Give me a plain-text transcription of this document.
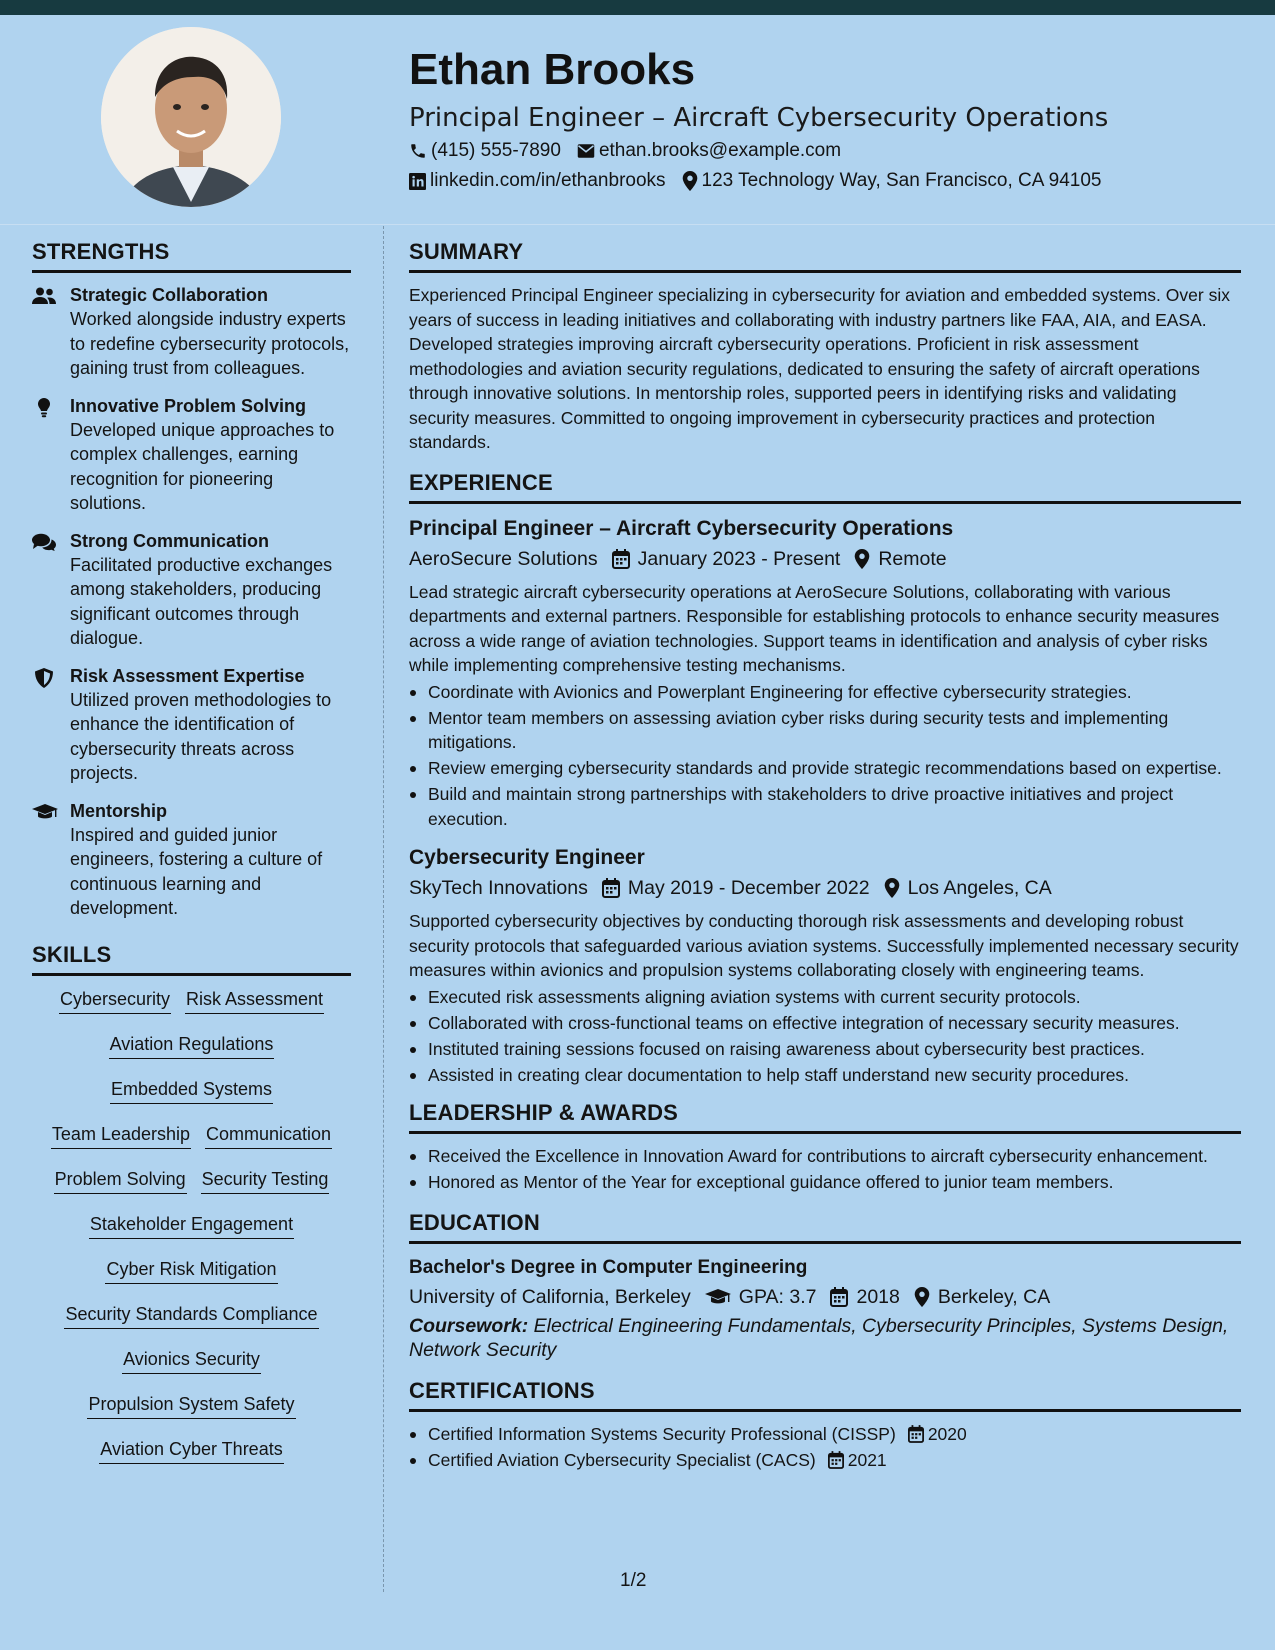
Ethan Brooks
Principal Engineer – Aircraft Cybersecurity Operations
(415) 555-7890 ethan.brooks@example.com
linkedin.com/in/ethanbrooks 123 Technology Way, San Francisco, CA 94105
STRENGTHS
Strategic Collaboration
Worked alongside industry experts to redefine cybersecurity protocols, gaining trust from colleagues.
Innovative Problem Solving
Developed unique approaches to complex challenges, earning recognition for pioneering solutions.
Strong Communication
Facilitated productive exchanges among stakeholders, producing significant outcomes through dialogue.
Risk Assessment Expertise
Utilized proven methodologies to enhance the identification of cybersecurity threats across projects.
Mentorship
Inspired and guided junior engineers, fostering a culture of continuous learning and development.
SKILLS
Cybersecurity Risk Assessment
Aviation Regulations
Embedded Systems
Team Leadership Communication
Problem Solving Security Testing
Stakeholder Engagement
Cyber Risk Mitigation
Security Standards Compliance
Avionics Security
Propulsion System Safety
Aviation Cyber Threats
SUMMARY
Experienced Principal Engineer specializing in cybersecurity for aviation and embedded systems. Over six years of success in leading initiatives and collaborating with industry partners like FAA, AIA, and EASA. Developed strategies improving aircraft cybersecurity operations. Proficient in risk assessment methodologies and aviation security regulations, dedicated to ensuring the safety of aircraft operations through innovative solutions. In mentorship roles, supported peers in identifying risks and validating security measures. Committed to ongoing improvement in cybersecurity practices and protection standards.
EXPERIENCE
Principal Engineer – Aircraft Cybersecurity Operations
AeroSecure Solutions January 2023 - Present Remote
Lead strategic aircraft cybersecurity operations at AeroSecure Solutions, collaborating with various departments and external partners. Responsible for establishing protocols to enhance security measures across a wide range of aviation technologies. Support teams in identification and analysis of cyber risks while implementing comprehensive testing mechanisms.
Coordinate with Avionics and Powerplant Engineering for effective cybersecurity strategies.
Mentor team members on assessing aviation cyber risks during security tests and implementing mitigations.
Review emerging cybersecurity standards and provide strategic recommendations based on expertise.
Build and maintain strong partnerships with stakeholders to drive proactive initiatives and project execution.
Cybersecurity Engineer
SkyTech Innovations May 2019 - December 2022 Los Angeles, CA
Supported cybersecurity objectives by conducting thorough risk assessments and developing robust security protocols that safeguarded various aviation systems. Successfully implemented necessary security measures within avionics and propulsion systems collaborating closely with engineering teams.
Executed risk assessments aligning aviation systems with current security protocols.
Collaborated with cross-functional teams on effective integration of necessary security measures.
Instituted training sessions focused on raising awareness about cybersecurity best practices.
Assisted in creating clear documentation to help staff understand new security procedures.
LEADERSHIP & AWARDS
Received the Excellence in Innovation Award for contributions to aircraft cybersecurity enhancement.
Honored as Mentor of the Year for exceptional guidance offered to junior team members.
EDUCATION
Bachelor's Degree in Computer Engineering
University of California, Berkeley GPA: 3.7 2018 Berkeley, CA
Coursework: Electrical Engineering Fundamentals, Cybersecurity Principles, Systems Design, Network Security
CERTIFICATIONS
Certified Information Systems Security Professional (CISSP) 2020
Certified Aviation Cybersecurity Specialist (CACS) 2021
1/2
